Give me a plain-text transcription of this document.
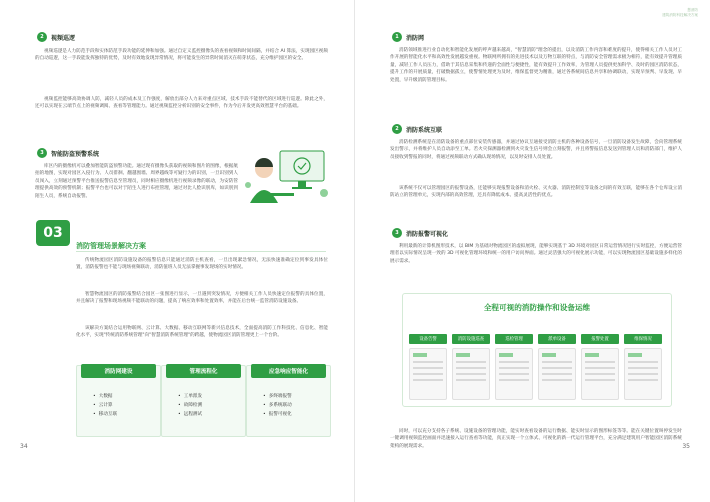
2	视频巡逻
视频巡逻是人力防范手段和实体防范手段功能的延伸和加强。通过自定义监控摄像头的查看视频和时间间隔，并结合 AI 算法，实现园区视频的自动巡逻，这一手段能发挥独特的优势，及时有效地发现异常情况，将可能发生的异常时间消灭在萌芽状态，充分维护园区的安全。
视频监控能够高效协调人防，减轻人员的成本及工作强度，解放出部分人力来对重点区域、技术手段不能替代的区域进行巡逻。除此之外，还可以实现在云端节点上的视频调阅、查看等管理能力。通过视频监控分析识别的安全事件，作为今后开发更高效智慧平台的基础。
3	智能防盗预警系统
库区内的摄像机可以叠加智能防盗预警功能。通过现有摄像头获取的视频和图片的图像，根据航拍的地图，实现对园区入侵行为、人员徘徊、翻越围墙、周界越线等可疑行为的识别，一旦识别到人员闯入，立刻通过预警平台推送报警信息至管理员，同时相应摄像机进行视频录像的联动，为安防管理提供高效的预警机制；报警平台也可以对于陌生人进行布控管理，通过对比人脸识别库，如识别到陌生人员，系统自动报警。
03
消防管理场景解决方案
传统物流园区消防设施设备的报警信息只能通过消防主机查看，一旦出现紧急情况，无法快速准确定位到事发具体位置，消防报警也不能与现场视频联动，消防值班人员无法掌握事发现场的实时情况。
智慧物流园区的消防报警结合园区一张图进行显示，一旦遇到突发情况，方便相关工作人员快速定位报警的具体位置，并且解决了报警和现场视频不能联动的问题，提高了响应效率和处置效率，并能在后台统一监管消防设施设备。
该解决方案结合运用物联网、云计算、大数据、移动互联网等新兴信息技术，全面提高消防工作科技化、信息化、智能化水平，实现"传统消防系统管理"向"智慧消防系统管理"的跨越，使物流园区消防管理更上一个台阶。
消防网建设
• 大数据
• 云计算
• 移动互联
管理流程化
• 工单派发
• 故障检测
• 远程测试
应急响应智能化
• 多终端报警
• 多系统联动
• 报警可视化
34
慧消防
建筑消防科技解决方案
1	消防网
消防领域推进行业自动化和智能化发展的呼声越来越高，"智慧消防"理念的提出，以及消防工作内容和难度的提升，使得相关工作人员对工作开展的智能化水平和高效性发展越发重视。物联网所拥有的先进技术以及万物互联的特点，与消防安全管理需求极为相符，能有效提升管理质量，减轻工作人员压力，借助于其信息采集和传递的全面性与便捷性，能有效提升工作效率，为管理人员提供更加科学、及时的园区消防状态，提升工作的开展质量，打破数据孤立，使警情处理更为及时，维保监督更为精准，通过各系统间信息共享和协调联动，实现早预判、早发现、早处置，早升级消防管理目标。
2	消防系统互联
消防检测系统是在消防设备的重点部位安装传感器，并通过协议互通接受消防主机的各种设备信号，一旦消防设备发生故障，会向管理系统发出警示，并将维护人员自动添至工单。若火灾探测器检测到火灾发生信号则会立刻报警，并且将警报信息发送到管理人员和消防部门，维护人员接收到警报的同时，将通过视频联动方式确认现场情况，以及时安排人员处置。
该系统不仅可以管理园区的报警设备，还能够实现报警设备和消火栓、灭火器、消防控制室等设备之间的有效互联，能够在各个仓库设立消防站立的管理单元，实现内部的高效管理，还具有降低成本、提高灵活性的优点。
3	消防报警可视化
利用最新的计算机图形技术，以 BIM 为基础对物流园区的虚拟展现，能够实现基于 3D 环境对园区日常运营情况进行实时监控，方便运营管理者以实际情况呈现一致的 3D 可视化管理环境和统一的用户访问界面。通过灵活强大的可视化展示功能，可以实现物流园区基础设施多样化的展示需求。
全程可视的消防操作和设备运维
设备告警	消防设施巡查	巡检管理	派单设备	报警处置	维保情况
同时，可以充分支持各子系统、设施设备的管理功能，能实时查看设备的运行数据、能实时显示的图形标签等等。能在关键位置叫停发生时一键调用视频监控画面并迅速接入运行查看等功能，真正实现一个立体式、可视化的新一代运行管理平台，充分满足建筑用户智能园区消防系统架构的展现需求。	35
